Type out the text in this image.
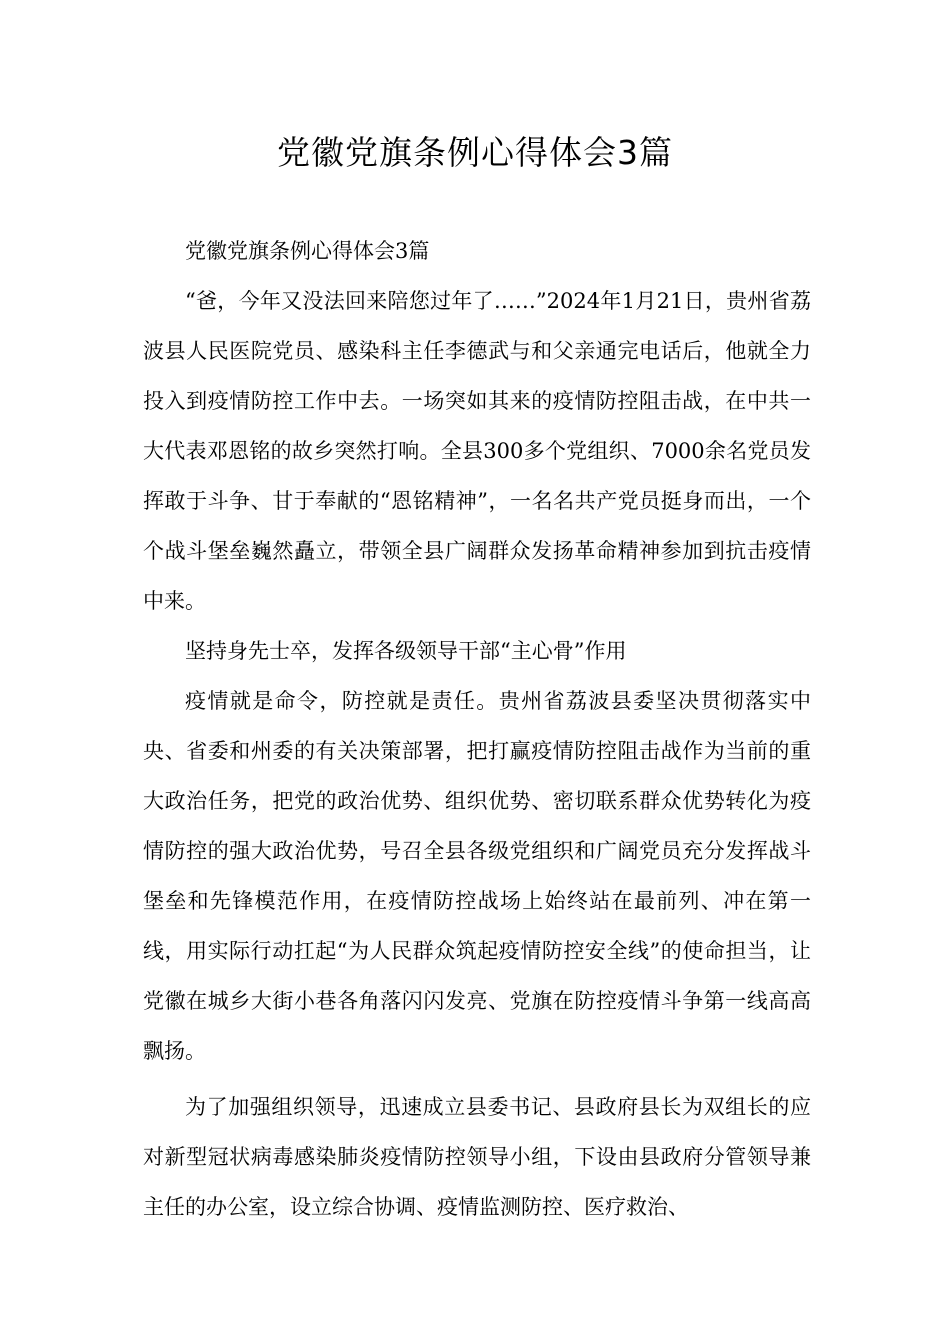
党徽党旗条例心得体会3篇

党徽党旗条例心得体会3篇

“爸，今年又没法回来陪您过年了……”2024年1月21日，贵州省荔波县人民医院党员、感染科主任李德武与和父亲通完电话后，他就全力投入到疫情防控工作中去。一场突如其来的疫情防控阻击战，在中共一大代表邓恩铭的故乡突然打响。全县300多个党组织、7000余名党员发挥敢于斗争、甘于奉献的“恩铭精神”，一名名共产党员挺身而出，一个个战斗堡垒巍然矗立，带领全县广阔群众发扬革命精神参加到抗击疫情中来。

坚持身先士卒，发挥各级领导干部“主心骨”作用

疫情就是命令，防控就是责任。贵州省荔波县委坚决贯彻落实中央、省委和州委的有关决策部署，把打赢疫情防控阻击战作为当前的重大政治任务，把党的政治优势、组织优势、密切联系群众优势转化为疫情防控的强大政治优势，号召全县各级党组织和广阔党员充分发挥战斗堡垒和先锋模范作用，在疫情防控战场上始终站在最前列、冲在第一线，用实际行动扛起“为人民群众筑起疫情防控安全线”的使命担当，让党徽在城乡大街小巷各角落闪闪发亮、党旗在防控疫情斗争第一线高高飘扬。

为了加强组织领导，迅速成立县委书记、县政府县长为双组长的应对新型冠状病毒感染肺炎疫情防控领导小组，下设由县政府分管领导兼主任的办公室，设立综合协调、疫情监测防控、医疗救治、
